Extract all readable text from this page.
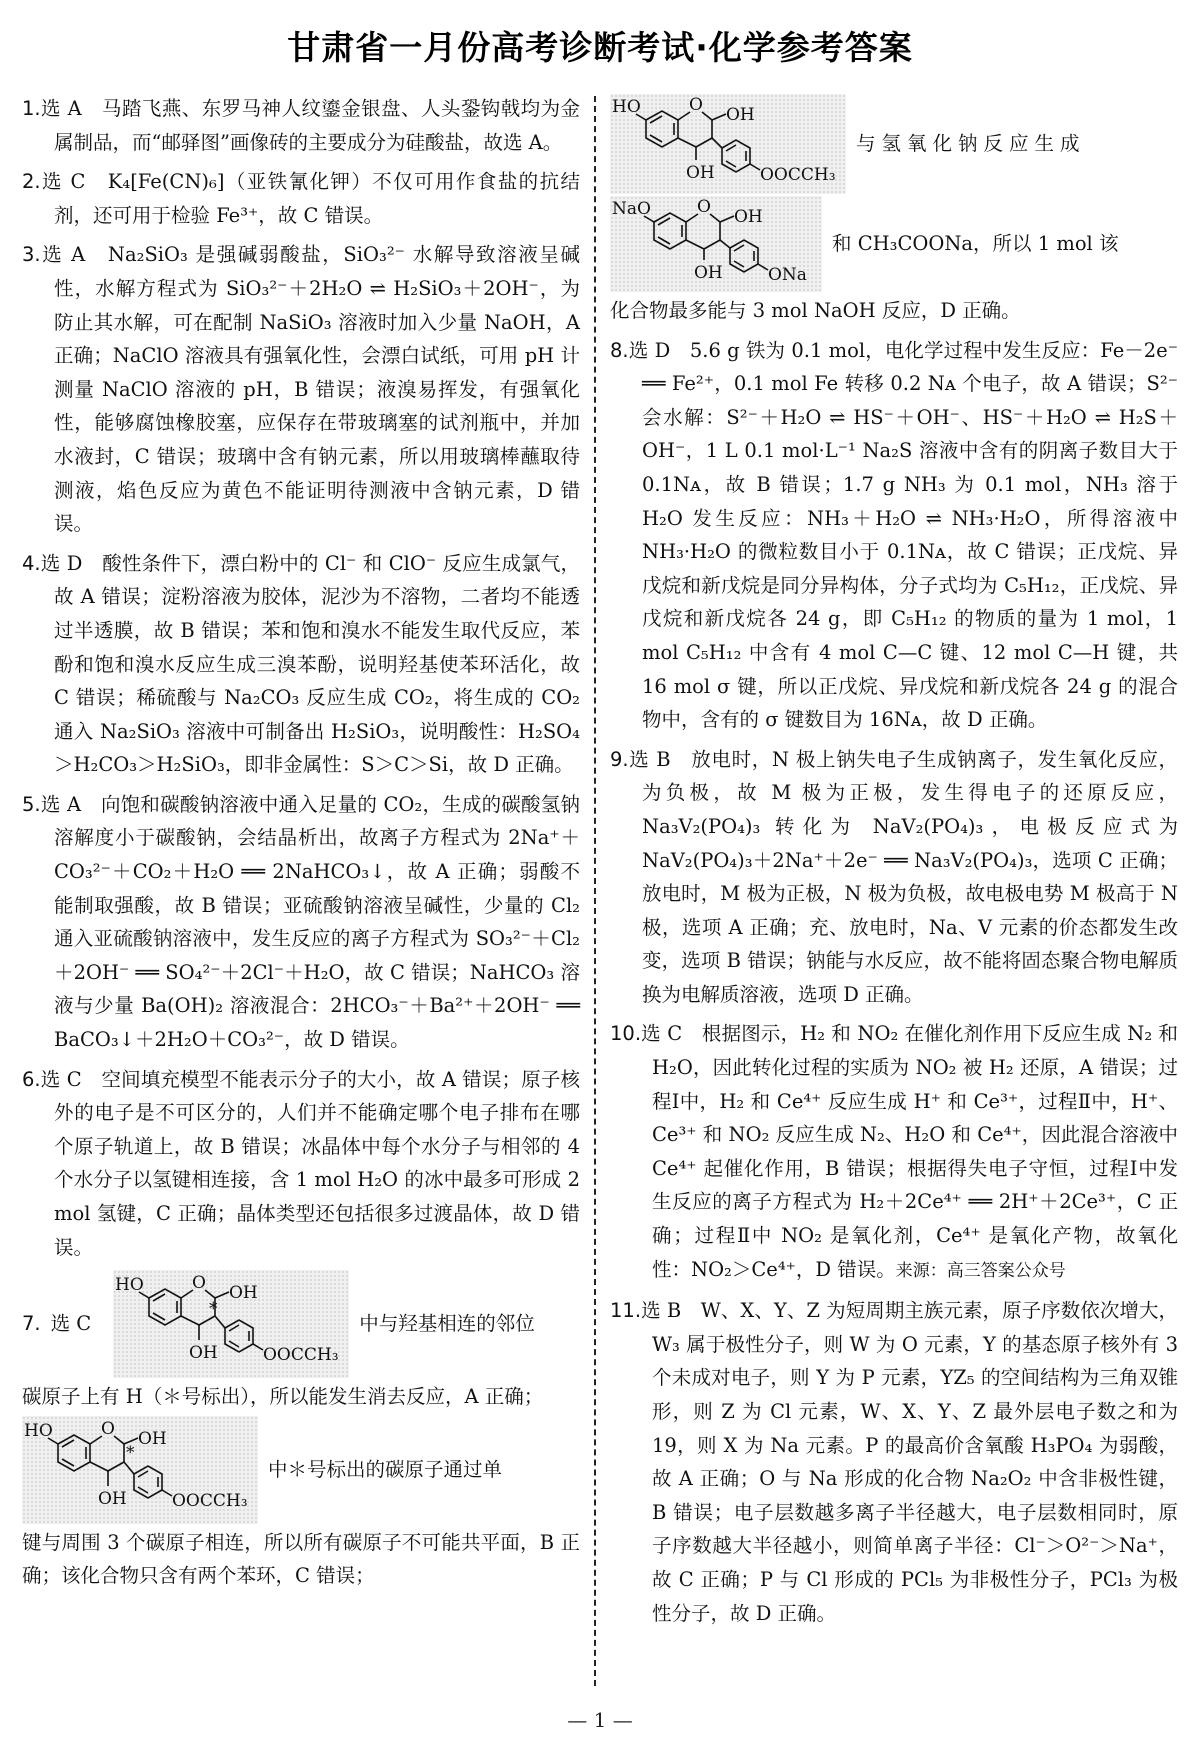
甘肃省一月份高考诊断考试·化学参考答案
1.选 A　马踏飞燕、东罗马神人纹鎏金银盘、人头銎钩戟均为金属制品，而“邮驿图”画像砖的主要成分为硅酸盐，故选 A。
2.选 C　K₄[Fe(CN)₆]（亚铁氰化钾）不仅可用作食盐的抗结剂，还可用于检验 Fe³⁺，故 C 错误。
3.选 A　Na₂SiO₃ 是强碱弱酸盐，SiO₃²⁻ 水解导致溶液呈碱性，水解方程式为 SiO₃²⁻＋2H₂O ⇌ H₂SiO₃＋2OH⁻，为防止其水解，可在配制 NaSiO₃ 溶液时加入少量 NaOH，A 正确；NaClO 溶液具有强氧化性，会漂白试纸，可用 pH 计测量 NaClO 溶液的 pH，B 错误；液溴易挥发，有强氧化性，能够腐蚀橡胶塞，应保存在带玻璃塞的试剂瓶中，并加水液封，C 错误；玻璃中含有钠元素，所以用玻璃棒蘸取待测液，焰色反应为黄色不能证明待测液中含钠元素，D 错误。
4.选 D　酸性条件下，漂白粉中的 Cl⁻ 和 ClO⁻ 反应生成氯气，故 A 错误；淀粉溶液为胶体，泥沙为不溶物，二者均不能透过半透膜，故 B 错误；苯和饱和溴水不能发生取代反应，苯酚和饱和溴水反应生成三溴苯酚，说明羟基使苯环活化，故 C 错误；稀硫酸与 Na₂CO₃ 反应生成 CO₂，将生成的 CO₂ 通入 Na₂SiO₃ 溶液中可制备出 H₂SiO₃，说明酸性：H₂SO₄＞H₂CO₃＞H₂SiO₃，即非金属性：S＞C＞Si，故 D 正确。
5.选 A　向饱和碳酸钠溶液中通入足量的 CO₂，生成的碳酸氢钠溶解度小于碳酸钠，会结晶析出，故离子方程式为 2Na⁺＋CO₃²⁻＋CO₂＋H₂O ══ 2NaHCO₃↓，故 A 正确；弱酸不能制取强酸，故 B 错误；亚硫酸钠溶液呈碱性，少量的 Cl₂ 通入亚硫酸钠溶液中，发生反应的离子方程式为 SO₃²⁻＋Cl₂＋2OH⁻ ══ SO₄²⁻＋2Cl⁻＋H₂O，故 C 错误；NaHCO₃ 溶液与少量 Ba(OH)₂ 溶液混合：2HCO₃⁻＋Ba²⁺＋2OH⁻ ══ BaCO₃↓＋2H₂O＋CO₃²⁻，故 D 错误。
6.选 C　空间填充模型不能表示分子的大小，故 A 错误；原子核外的电子是不可区分的，人们并不能确定哪个电子排布在哪个原子轨道上，故 B 错误；冰晶体中每个水分子与相邻的 4 个水分子以氢键相连接，含 1 mol H₂O 的冰中最多可形成 2 mol 氢键，C 正确；晶体类型还包括很多过渡晶体，故 D 错误。
7. 选 C
HO	O OH
OH
*
OOCCH₃
中与羟基相连的邻位

碳原子上有 H（＊号标出），所以能发生消去反应，A 正确；

HO	O OH
OH
*
OOCCH₃
中＊号标出的碳原子通过单

键与周围 3 个碳原子相连，所以所有碳原子不可能共平面，B 正确；该化合物只含有两个苯环，C 错误；

HO	O OH
OH	OOCCH₃
与氢氧化钠反应生成
NaO	O OH
OH	ONa
和 CH₃COONa，所以 1 mol 该

化合物最多能与 3 mol NaOH 反应，D 正确。

8.选 D　5.6 g 铁为 0.1 mol，电化学过程中发生反应：Fe－2e⁻ ══ Fe²⁺，0.1 mol Fe 转移 0.2 Nᴀ 个电子，故 A 错误；S²⁻ 会水解：S²⁻＋H₂O ⇌ HS⁻＋OH⁻、HS⁻＋H₂O ⇌ H₂S＋OH⁻，1 L 0.1 mol·L⁻¹ Na₂S 溶液中含有的阴离子数目大于 0.1Nᴀ，故 B 错误；1.7 g NH₃ 为 0.1 mol，NH₃ 溶于 H₂O 发生反应：NH₃＋H₂O ⇌ NH₃·H₂O，所得溶液中 NH₃·H₂O 的微粒数目小于 0.1Nᴀ，故 C 错误；正戊烷、异戊烷和新戊烷是同分异构体，分子式均为 C₅H₁₂，正戊烷、异戊烷和新戊烷各 24 g，即 C₅H₁₂ 的物质的量为 1 mol，1 mol C₅H₁₂ 中含有 4 mol C—C 键、12 mol C—H 键，共 16 mol σ 键，所以正戊烷、异戊烷和新戊烷各 24 g 的混合物中，含有的 σ 键数目为 16Nᴀ，故 D 正确。
9.选 B　放电时，N 极上钠失电子生成钠离子，发生氧化反应，为负极，故 M 极为正极，发生得电子的还原反应，Na₃V₂(PO₄)₃ 转化为 NaV₂(PO₄)₃，电极反应式为 NaV₂(PO₄)₃＋2Na⁺＋2e⁻ ══ Na₃V₂(PO₄)₃，选项 C 正确；放电时，M 极为正极，N 极为负极，故电极电势 M 极高于 N 极，选项 A 正确；充、放电时，Na、V 元素的价态都发生改变，选项 B 错误；钠能与水反应，故不能将固态聚合物电解质换为电解质溶液，选项 D 正确。
10.选 C　根据图示，H₂ 和 NO₂ 在催化剂作用下反应生成 N₂ 和 H₂O，因此转化过程的实质为 NO₂ 被 H₂ 还原，A 错误；过程Ⅰ中，H₂ 和 Ce⁴⁺ 反应生成 H⁺ 和 Ce³⁺，过程Ⅱ中，H⁺、Ce³⁺ 和 NO₂ 反应生成 N₂、H₂O 和 Ce⁴⁺，因此混合溶液中 Ce⁴⁺ 起催化作用，B 错误；根据得失电子守恒，过程Ⅰ中发生反应的离子方程式为 H₂＋2Ce⁴⁺ ══ 2H⁺＋2Ce³⁺，C 正确；过程Ⅱ中 NO₂ 是氧化剂，Ce⁴⁺ 是氧化产物，故氧化性：NO₂＞Ce⁴⁺，D 错误。来源：高三答案公众号
11.选 B　W、X、Y、Z 为短周期主族元素，原子序数依次增大，W₃ 属于极性分子，则 W 为 O 元素，Y 的基态原子核外有 3 个未成对电子，则 Y 为 P 元素，YZ₅ 的空间结构为三角双锥形，则 Z 为 Cl 元素，W、X、Y、Z 最外层电子数之和为 19，则 X 为 Na 元素。P 的最高价含氧酸 H₃PO₄ 为弱酸，故 A 正确；O 与 Na 形成的化合物 Na₂O₂ 中含非极性键，B 错误；电子层数越多离子半径越大，电子层数相同时，原子序数越大半径越小，则简单离子半径：Cl⁻＞O²⁻＞Na⁺，故 C 正确；P 与 Cl 形成的 PCl₅ 为非极性分子，PCl₃ 为极性分子，故 D 正确。
— 1 —
